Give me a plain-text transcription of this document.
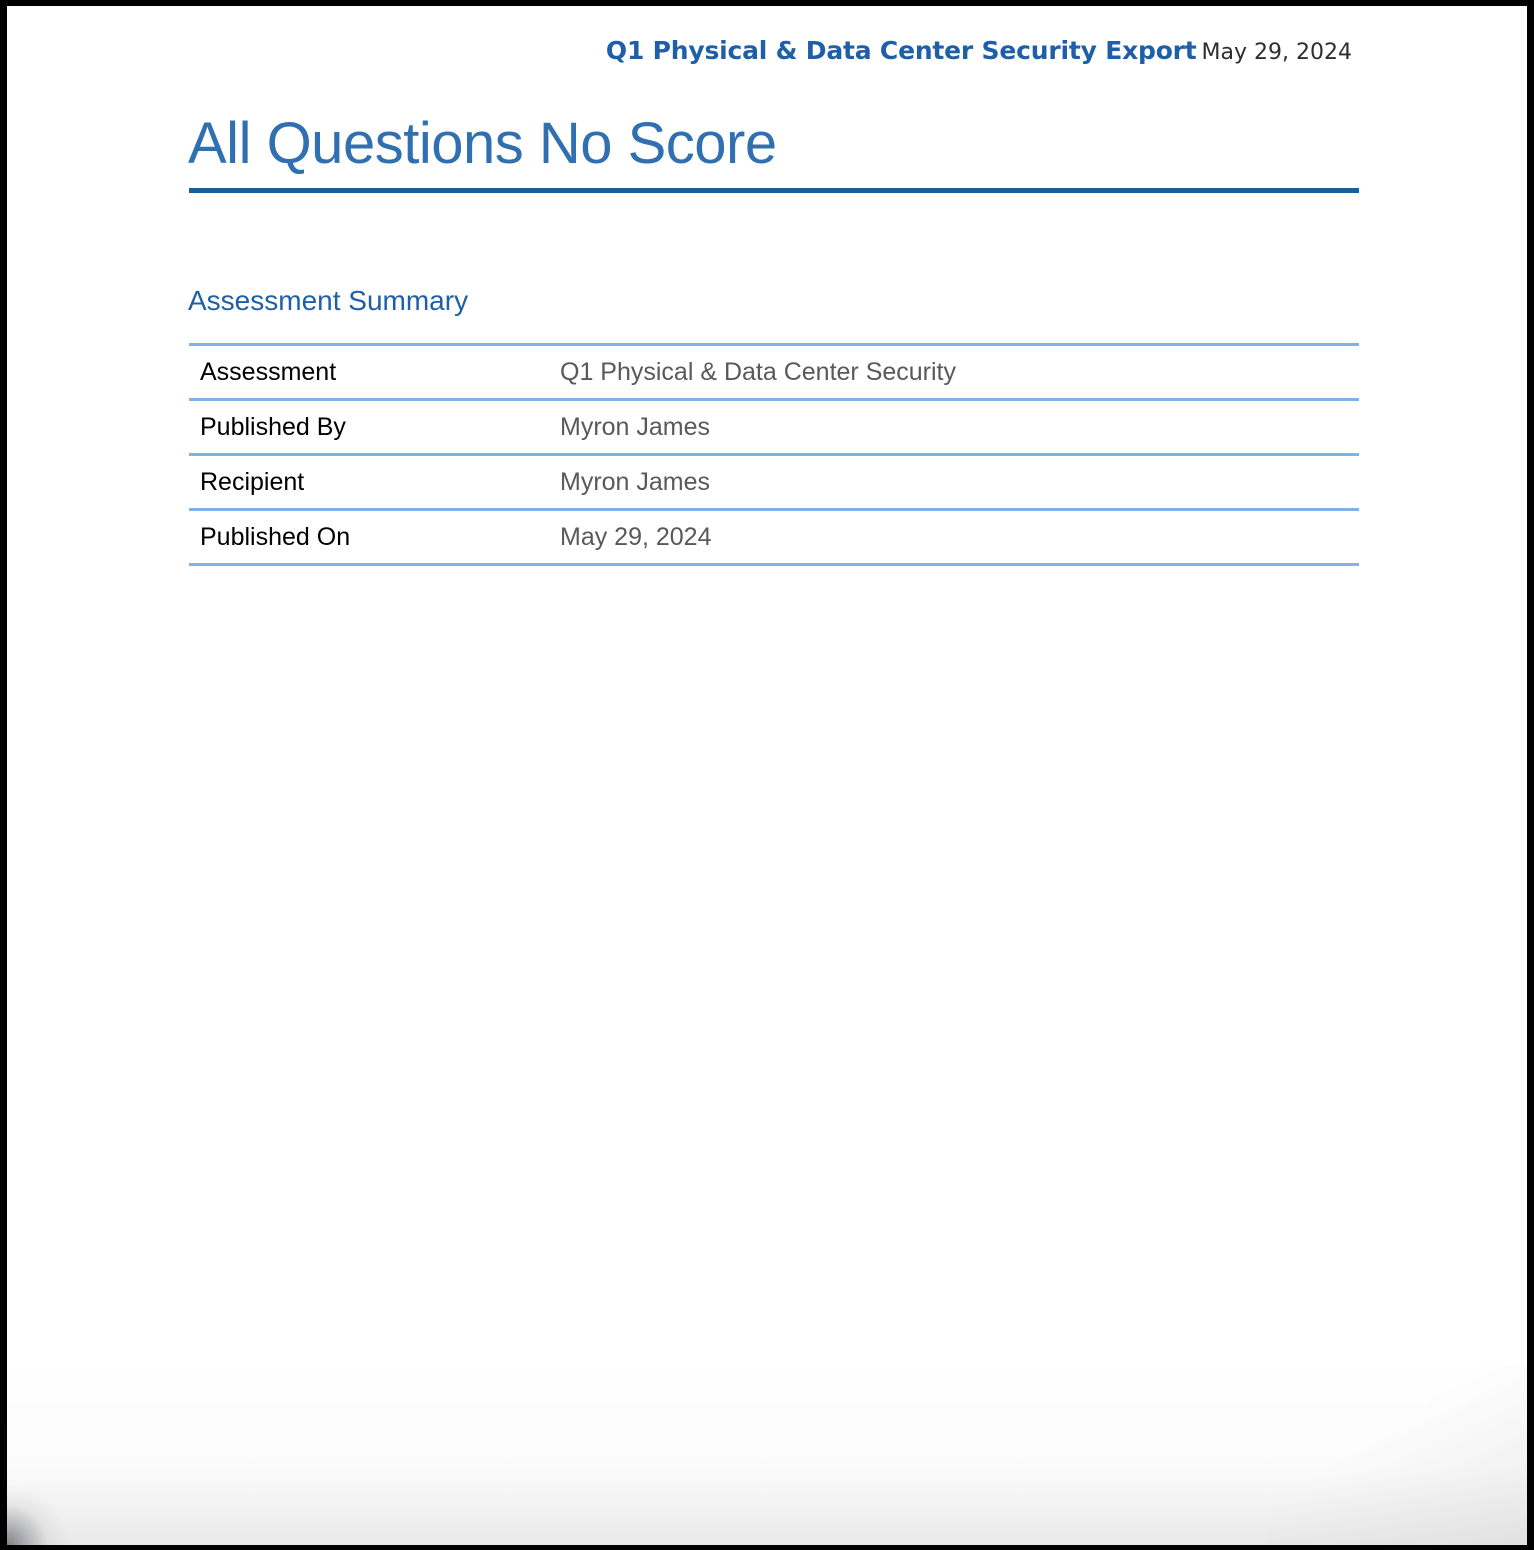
Q1 Physical & Data Center Security Export May 29, 2024
All Questions No Score
Assessment Summary
Assessment	Q1 Physical & Data Center Security
Published By	Myron James
Recipient	Myron James
Published On	May 29, 2024
